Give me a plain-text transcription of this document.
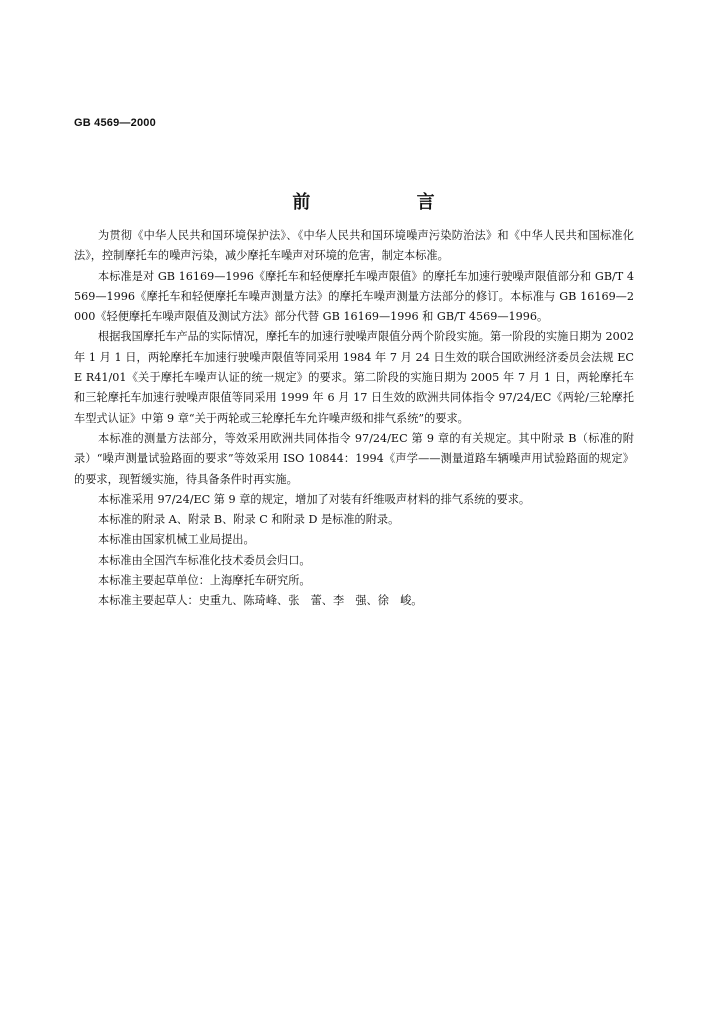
GB 4569—2000
前 言

为贯彻《中华人民共和国环境保护法》、《中华人民共和国环境噪声污染防治法》和《中华人民共和国标准化法》，控制摩托车的噪声污染，减少摩托车噪声对环境的危害，制定本标准。

本标准是对 GB 16169—1996《摩托车和轻便摩托车噪声限值》的摩托车加速行驶噪声限值部分和 GB/T 4569—1996《摩托车和轻便摩托车噪声测量方法》的摩托车噪声测量方法部分的修订。本标准与 GB 16169—2000《轻便摩托车噪声限值及测试方法》部分代替 GB 16169—1996 和 GB/T 4569—1996。

根据我国摩托车产品的实际情况，摩托车的加速行驶噪声限值分两个阶段实施。第一阶段的实施日期为 2002 年 1 月 1 日，两轮摩托车加速行驶噪声限值等同采用 1984 年 7 月 24 日生效的联合国欧洲经济委员会法规 ECE R41/01《关于摩托车噪声认证的统一规定》的要求。第二阶段的实施日期为 2005 年 7 月 1 日，两轮摩托车和三轮摩托车加速行驶噪声限值等同采用 1999 年 6 月 17 日生效的欧洲共同体指令 97/24/EC《两轮/三轮摩托车型式认证》中第 9 章“关于两轮或三轮摩托车允许噪声级和排气系统”的要求。

本标准的测量方法部分，等效采用欧洲共同体指令 97/24/EC 第 9 章的有关规定。其中附录 B（标准的附录）“噪声测量试验路面的要求”等效采用 ISO 10844：1994《声学——测量道路车辆噪声用试验路面的规定》的要求，现暂缓实施，待具备条件时再实施。

本标准采用 97/24/EC 第 9 章的规定，增加了对装有纤维吸声材料的排气系统的要求。

本标准的附录 A、附录 B、附录 C 和附录 D 是标准的附录。

本标准由国家机械工业局提出。

本标准由全国汽车标准化技术委员会归口。

本标准主要起草单位：上海摩托车研究所。

本标准主要起草人：史重九、陈琦峰、张　蕾、李　强、徐　峻。
